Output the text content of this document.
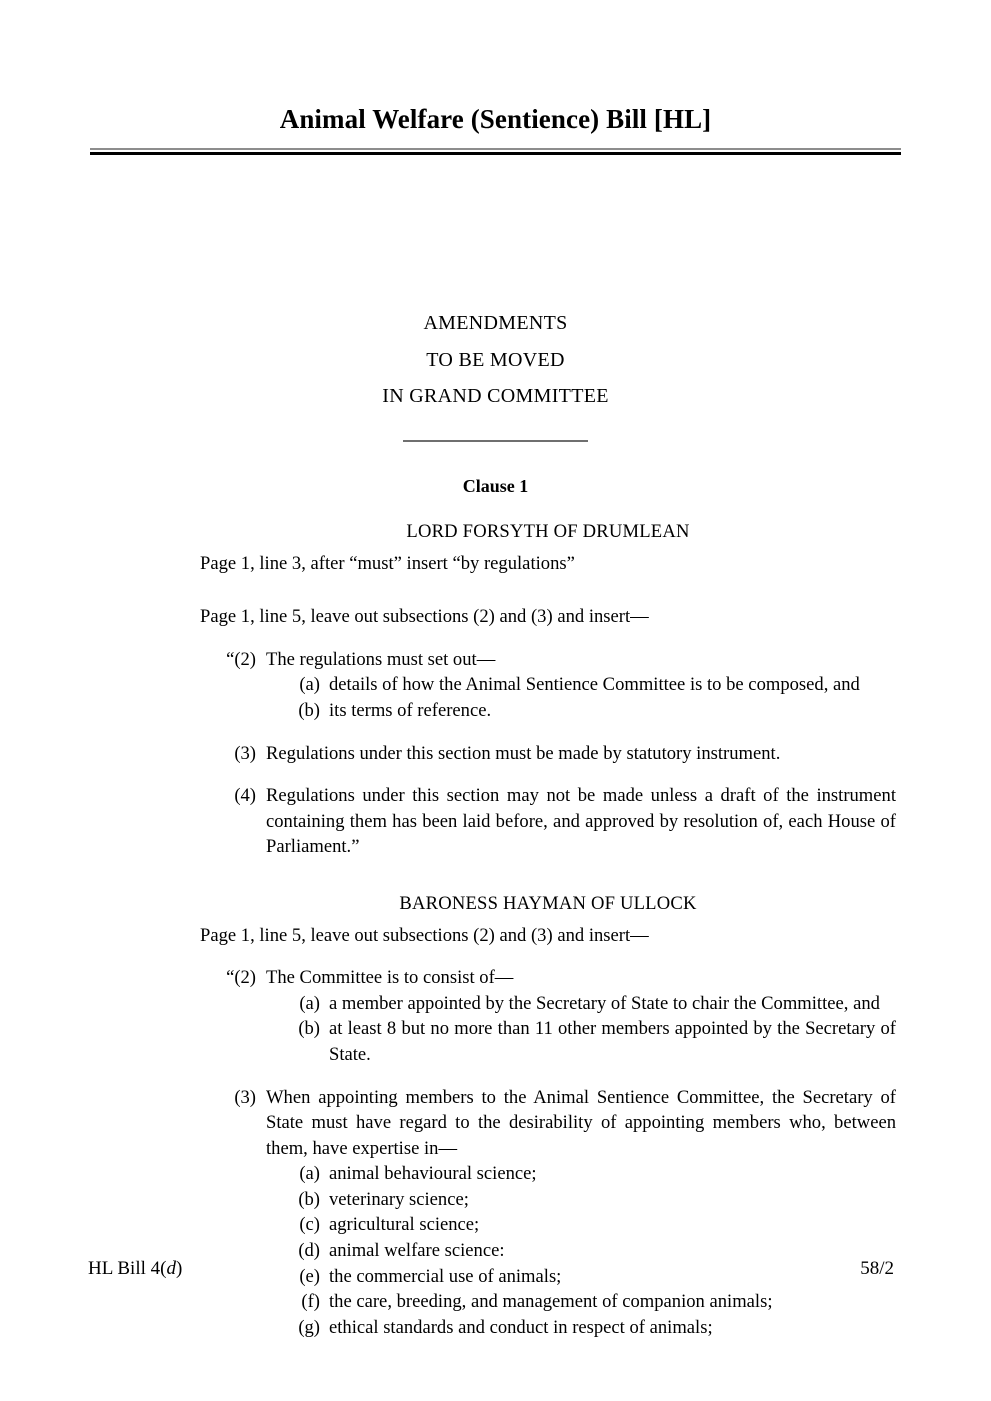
Animal Welfare (Sentience) Bill [HL]
AMENDMENTS
TO BE MOVED
IN GRAND COMMITTEE
Clause 1
LORD FORSYTH OF DRUMLEAN

Page 1, line 3, after “must” insert “by regulations”

Page 1, line 5, leave out subsections (2) and (3) and insert—

“(2) The regulations must set out—
(a) details of how the Animal Sentience Committee is to be composed, and
(b) its terms of reference.
(3) Regulations under this section must be made by statutory instrument.
(4) Regulations under this section may not be made unless a draft of the instrument containing them has been laid before, and approved by resolution of, each House of Parliament.”
BARONESS HAYMAN OF ULLOCK

Page 1, line 5, leave out subsections (2) and (3) and insert—

“(2) The Committee is to consist of—
(a) a member appointed by the Secretary of State to chair the Committee, and
(b) at least 8 but no more than 11 other members appointed by the Secretary of State.
(3) When appointing members to the Animal Sentience Committee, the Secretary of State must have regard to the desirability of appointing members who, between them, have expertise in—
(a) animal behavioural science;
(b) veterinary science;
(c) agricultural science;
(d) animal welfare science:
(e) the commercial use of animals;
(f) the care, breeding, and management of companion animals;
(g) ethical standards and conduct in respect of animals;
HL Bill 4(d)	58/2
